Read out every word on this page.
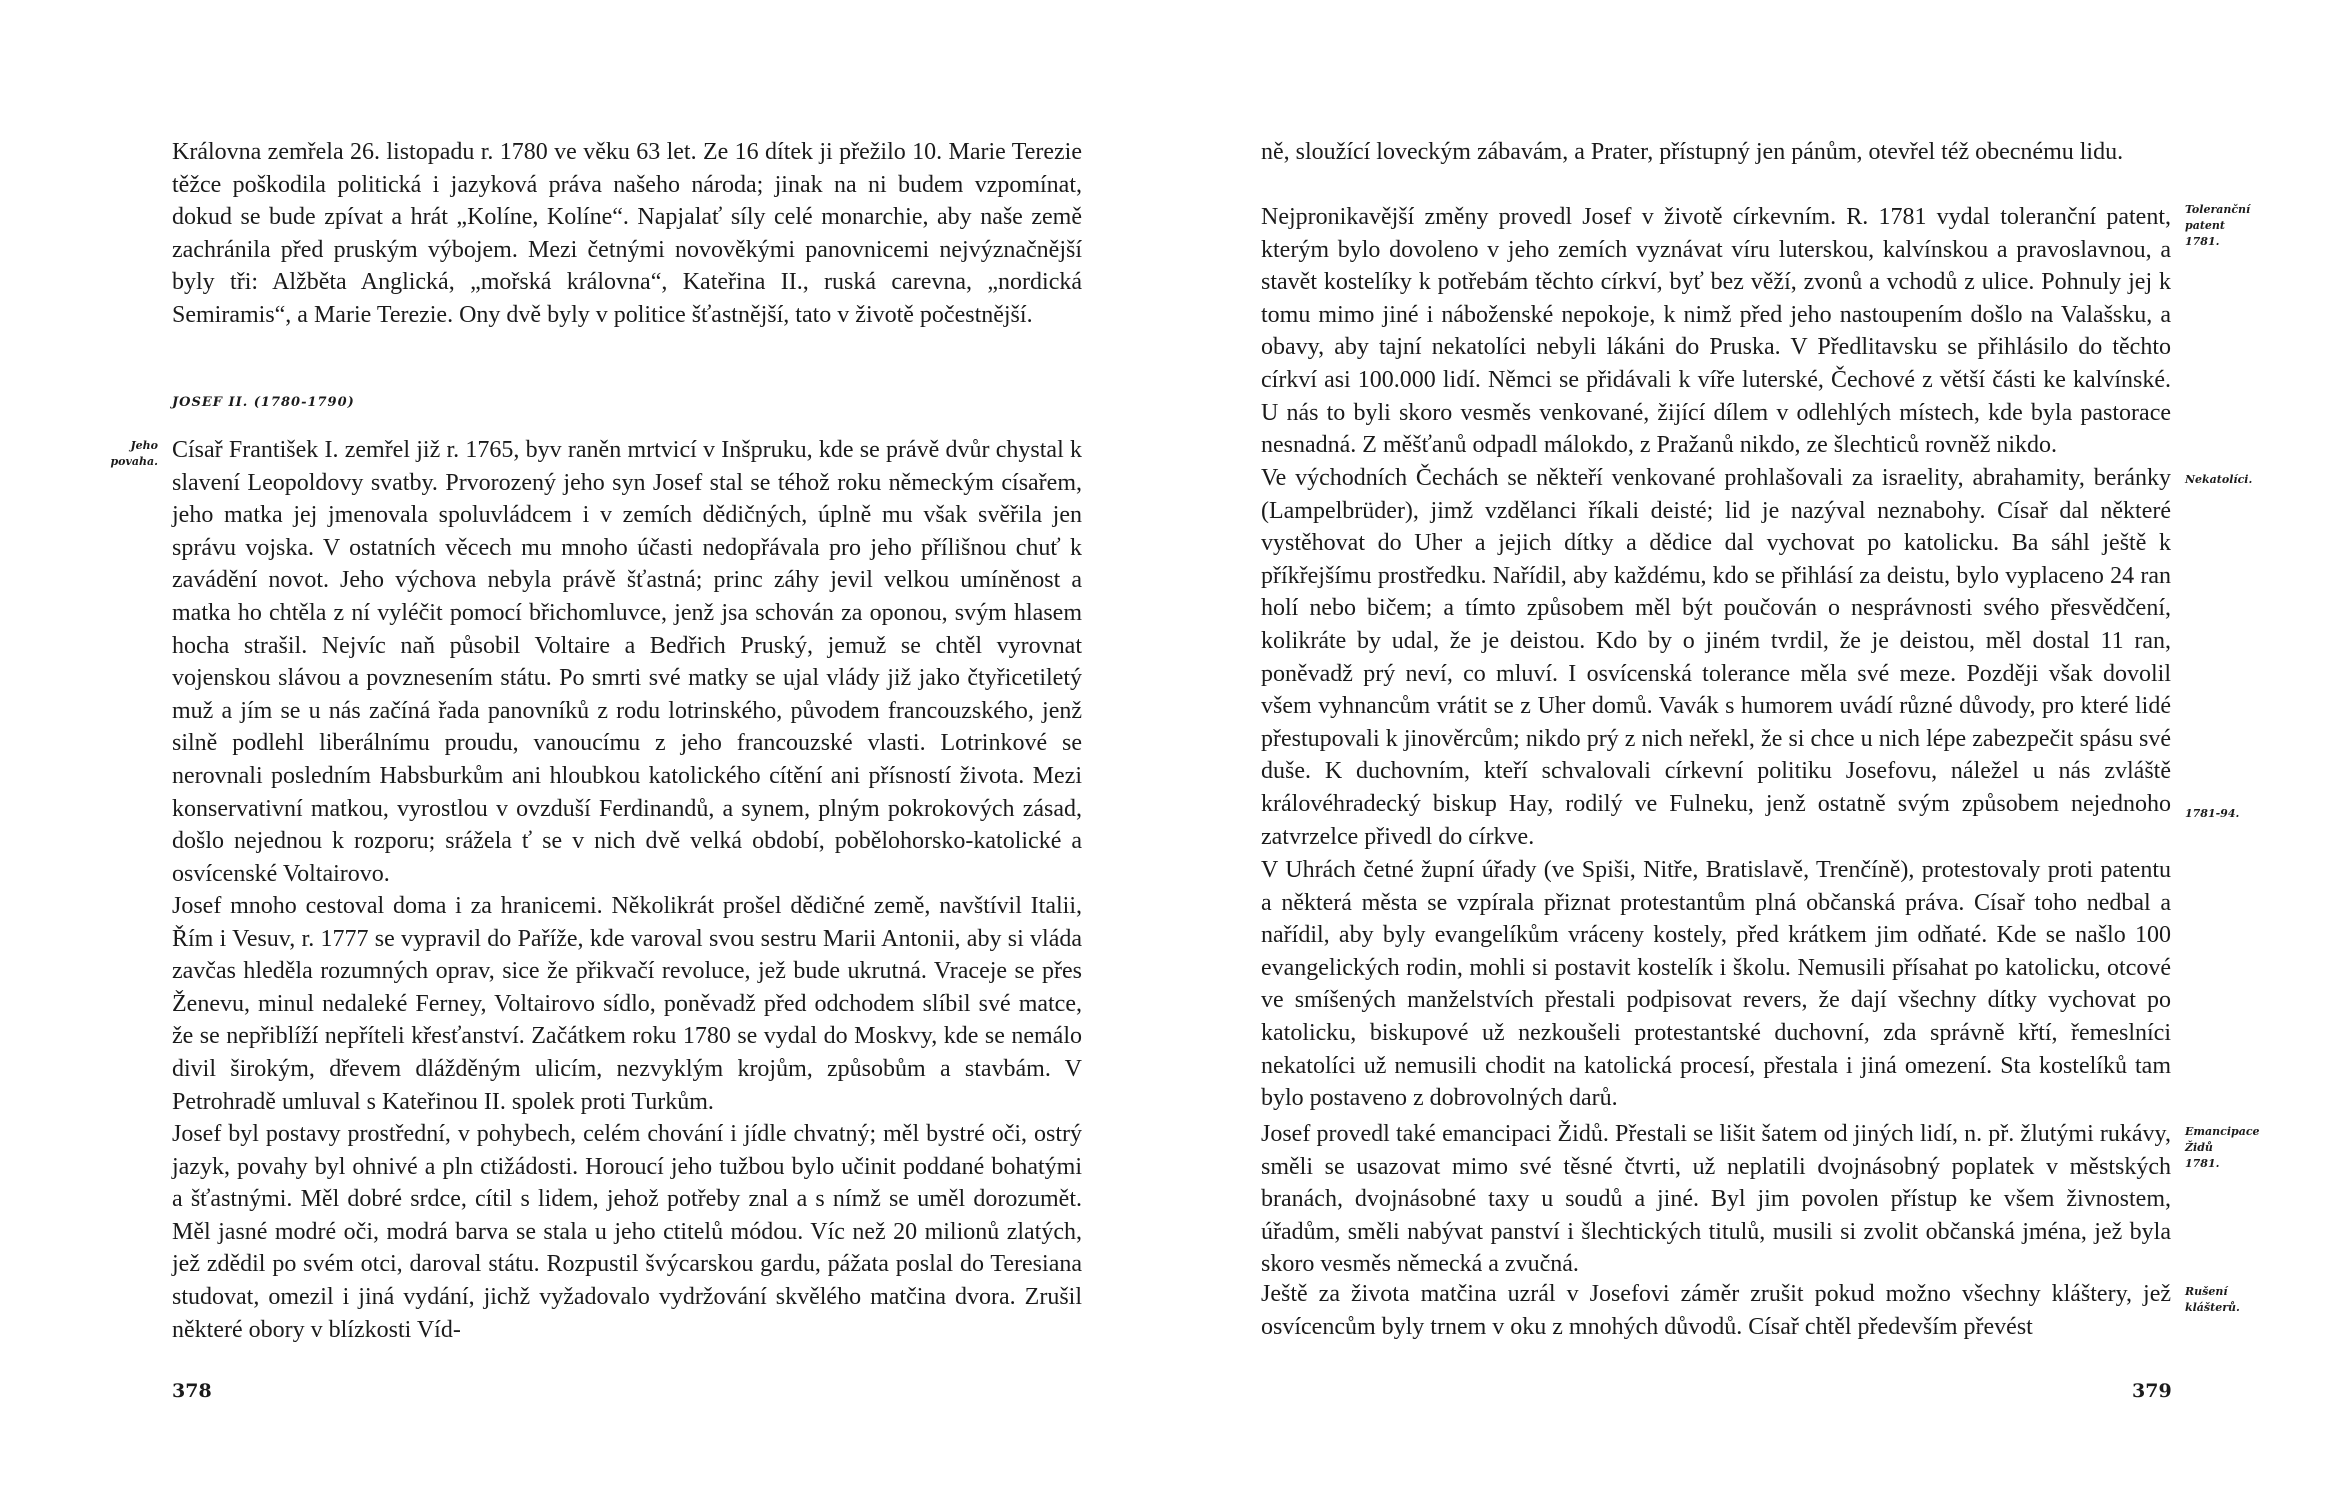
Královna zemřela 26. listopadu r. 1780 ve věku 63 let. Ze 16 dítek ji přežilo 10. Marie Terezie těžce poškodila politická i jazyková práva našeho národa; jinak na ni budem vzpomínat, dokud se bude zpívat a hrát „Kolíne, Kolíne“. Napjalať síly celé monarchie, aby naše země zachránila před pruským výbojem. Mezi četnými novověkými panovnicemi nejvýznačnější byly tři: Alžběta Anglická, „mořská královna“, Kateřina II., ruská carevna, „nordická Semiramis“, a Marie Terezie. Ony dvě byly v politice šťastnější, tato v životě počestnější.
JOSEF II. (1780-1790)
Jeho
povaha. Císař František I. zemřel již r. 1765, byv raněn mrtvicí v Inšpruku, kde se právě dvůr chystal k slavení Leopoldovy svatby. Prvorozený jeho syn Josef stal se téhož roku německým císařem, jeho matka jej jmenovala spoluvládcem i v zemích dědičných, úplně mu však svěřila jen správu vojska. V ostatních věcech mu mnoho účasti nedopřávala pro jeho přílišnou chuť k zavádění novot. Jeho výchova nebyla právě šťastná; princ záhy jevil velkou umíněnost a matka ho chtěla z ní vyléčit pomocí břichomluvce, jenž jsa schován za oponou, svým hlasem hocha strašil. Nejvíc naň působil Voltaire a Bedřich Pruský, jemuž se chtěl vyrovnat vojenskou slávou a povznesením státu. Po smrti své matky se ujal vlády již jako čtyřicetiletý muž a jím se u nás začíná řada panovníků z rodu lotrinského, původem francouzského, jenž silně podlehl liberálnímu proudu, vanoucímu z jeho francouzské vlasti. Lotrinkové se nerovnali posledním Habsburkům ani hloubkou katolického cítění ani přísností života. Mezi konservativní matkou, vyrostlou v ovzduší Ferdinandů, a synem, plným pokrokových zásad, došlo nejednou k rozporu; srážela ť se v nich dvě velká období, pobělohorsko-katolické a osvícenské Voltairovo.
Josef mnoho cestoval doma i za hranicemi. Několikrát prošel dědičné země, navštívil Italii, Řím i Vesuv, r. 1777 se vypravil do Paříže, kde varoval svou sestru Marii Antonii, aby si vláda zavčas hleděla rozumných oprav, sice že přikvačí revoluce, jež bude ukrutná. Vraceje se přes Ženevu, minul nedaleké Ferney, Voltairovo sídlo, poněvadž před odchodem slíbil své matce, že se nepřiblíží nepříteli křesťanství. Začátkem roku 1780 se vydal do Moskvy, kde se nemálo divil širokým, dřevem dlážděným ulicím, nezvyklým krojům, způsobům a stavbám. V Petrohradě umluval s Kateřinou II. spolek proti Turkům.
Josef byl postavy prostřední, v pohybech, celém chování i jídle chvatný; měl bystré oči, ostrý jazyk, povahy byl ohnivé a pln ctižádosti. Horoucí jeho tužbou bylo učinit poddané bohatými a šťastnými. Měl dobré srdce, cítil s lidem, jehož potřeby znal a s nímž se uměl dorozumět. Měl jasné modré oči, modrá barva se stala u jeho ctitelů módou. Víc než 20 milionů zlatých, jež zdědil po svém otci, daroval státu. Rozpustil švýcarskou gardu, pážata poslal do Teresiana studovat, omezil i jiná vydání, jichž vyžadovalo vydržování skvělého matčina dvora. Zrušil některé obory v blízkosti Víd-
378
ně, sloužící loveckým zábavám, a Prater, přístupný jen pánům, otevřel též obecnému lidu.
Nejpronikavější změny provedl Josef v životě církevním. R. 1781 vydal toleranční patent, kterým bylo dovoleno v jeho zemích vyznávat víru luterskou, kalvínskou a pravoslavnou, a stavět kostelíky k potřebám těchto církví, byť bez věží, zvonů a vchodů z ulice. Pohnuly jej k tomu mimo jiné i náboženské nepokoje, k nimž před jeho nastoupením došlo na Valašsku, a obavy, aby tajní nekatolíci nebyli lákáni do Pruska. V Předlitavsku se přihlásilo do těchto církví asi 100.000 lidí. Němci se přidávali k víře luterské, Čechové z větší části ke kalvínské. U nás to byli skoro vesměs venkované, žijící dílem v odlehlých místech, kde byla pastorace nesnadná. Z měšťanů odpadl málokdo, z Pražanů nikdo, ze šlechticů rovněž nikdo.
Ve východních Čechách se někteří venkované prohlašovali za israelity, abrahamity, beránky (Lampelbrüder), jimž vzdělanci říkali deisté; lid je nazýval neznabohy. Císař dal některé vystěhovat do Uher a jejich dítky a dědice dal vychovat po katolicku. Ba sáhl ještě k příkřejšímu prostředku. Nařídil, aby každému, kdo se přihlásí za deistu, bylo vyplaceno 24 ran holí nebo bičem; a tímto způsobem měl být poučován o nesprávnosti svého přesvědčení, kolikráte by udal, že je deistou. Kdo by o jiném tvrdil, že je deistou, měl dostal 11 ran, poněvadž prý neví, co mluví. I osvícenská tolerance měla své meze. Později však dovolil všem vyhnancům vrátit se z Uher domů. Vavák s humorem uvádí různé důvody, pro které lidé přestupovali k jinověrcům; nikdo prý z nich neřekl, že si chce u nich lépe zabezpečit spásu své duše. K duchovním, kteří schvalovali církevní politiku Josefovu, náležel u nás zvláště královéhradecký biskup Hay, rodilý ve Fulneku, jenž ostatně svým způsobem nejednoho zatvrzelce přivedl do církve.
V Uhrách četné župní úřady (ve Spiši, Nitře, Bratislavě, Trenčíně), protestovaly proti patentu a některá města se vzpírala přiznat protestantům plná občanská práva. Císař toho nedbal a nařídil, aby byly evangelíkům vráceny kostely, před krátkem jim odňaté. Kde se našlo 100 evangelických rodin, mohli si postavit kostelík i školu. Nemusili přísahat po katolicku, otcové ve smíšených manželstvích přestali podpisovat revers, že dají všechny dítky vychovat po katolicku, biskupové už nezkoušeli protestantské duchovní, zda správně křtí, řemeslníci nekatolíci už nemusili chodit na katolická procesí, přestala i jiná omezení. Sta kostelíků tam bylo postaveno z dobrovolných darů.
Josef provedl také emancipaci Židů. Přestali se lišit šatem od jiných lidí, n. př. žlutými rukávy, směli se usazovat mimo své těsné čtvrti, už neplatili dvojnásobný poplatek v městských branách, dvojnásobné taxy u soudů a jiné. Byl jim povolen přístup ke všem živnostem, úřadům, směli nabývat panství i šlechtických titulů, musili si zvolit občanská jména, jež byla skoro vesměs německá a zvučná.
Ještě za života matčina uzrál v Josefovi záměr zrušit pokud možno všechny kláštery, jež osvícencům byly trnem v oku z mnohých důvodů. Císař chtěl především převést
Toleranční
patent
1781.
Nekatolíci.
1781-94.
Emancipace
Židů
1781.
Rušení
klášterů.
379
